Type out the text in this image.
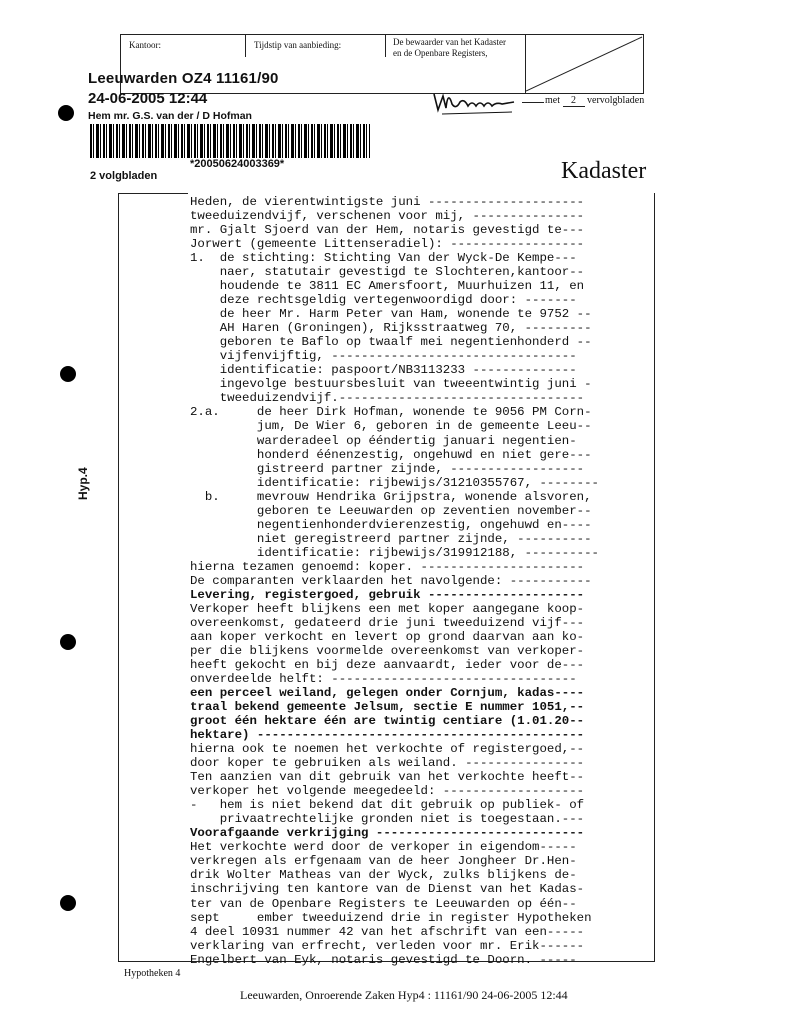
Kantoor:	Tijdstip van aanbieding:	De bewaarder van het Kadaster
en de Openbare Registers,
met 2 vervolgbladen
Leeuwarden OZ4 11161/90
24-06-2005 12:44
Hem mr. G.S. van der / D Hofman
*20050624003369*
2 volgbladen	Kadaster
Hyp.4
Heden, de vierentwintigste juni ---------------------
tweeduizendvijf, verschenen voor mij, ---------------
mr. Gjalt Sjoerd van der Hem, notaris gevestigd te---
Jorwert (gemeente Littenseradiel): ------------------
1.  de stichting: Stichting Van der Wyck-De Kempe---
naer, statutair gevestigd te Slochteren,kantoor--
houdende te 3811 EC Amersfoort, Muurhuizen 11, en
deze rechtsgeldig vertegenwoordigd door: -------
de heer Mr. Harm Peter van Ham, wonende te 9752 --
AH Haren (Groningen), Rijksstraatweg 70, ---------
geboren te Baflo op twaalf mei negentienhonderd --
vijfenvijftig, ---------------------------------
identificatie: paspoort/NB3113233 --------------
ingevolge bestuursbesluit van tweeentwintig juni -
tweeduizendvijf.---------------------------------
2.a.     de heer Dirk Hofman, wonende te 9056 PM Corn-
jum, De Wier 6, geboren in de gemeente Leeu--
warderadeel op ééndertig januari negentien-
honderd éénenzestig, ongehuwd en niet gere---
gistreerd partner zijnde, ------------------
identificatie: rijbewijs/31210355767, --------
b.     mevrouw Hendrika Grijpstra, wonende alsvoren,
geboren te Leeuwarden op zeventien november--
negentienhonderdvierenzestig, ongehuwd en----
niet geregistreerd partner zijnde, ----------
identificatie: rijbewijs/319912188, ----------
hierna tezamen genoemd: koper. ----------------------
De comparanten verklaarden het navolgende: -----------
Levering, registergoed, gebruik ---------------------
Verkoper heeft blijkens een met koper aangegane koop-
overeenkomst, gedateerd drie juni tweeduizend vijf---
aan koper verkocht en levert op grond daarvan aan ko-
per die blijkens voormelde overeenkomst van verkoper-
heeft gekocht en bij deze aanvaardt, ieder voor de---
onverdeelde helft: ---------------------------------
een perceel weiland, gelegen onder Cornjum, kadas----
traal bekend gemeente Jelsum, sectie E nummer 1051,--
groot één hektare één are twintig centiare (1.01.20--
hektare) --------------------------------------------
hierna ook te noemen het verkochte of registergoed,--
door koper te gebruiken als weiland. ----------------
Ten aanzien van dit gebruik van het verkochte heeft--
verkoper het volgende meegedeeld: -------------------
-   hem is niet bekend dat dit gebruik op publiek- of
privaatrechtelijke gronden niet is toegestaan.---
Voorafgaande verkrijging ----------------------------
Het verkochte werd door de verkoper in eigendom-----
verkregen als erfgenaam van de heer Jongheer Dr.Hen-
drik Wolter Matheas van der Wyck, zulks blijkens de-
inschrijving ten kantore van de Dienst van het Kadas-
ter van de Openbare Registers te Leeuwarden op één--
sept     ember tweeduizend drie in register Hypotheken
4 deel 10931 nummer 42 van het afschrift van een-----
verklaring van erfrecht, verleden voor mr. Erik------
Engelbert van Eyk, notaris gevestigd te Doorn. -----
Hypotheken 4
Leeuwarden, Onroerende Zaken Hyp4 : 11161/90 24-06-2005 12:44
